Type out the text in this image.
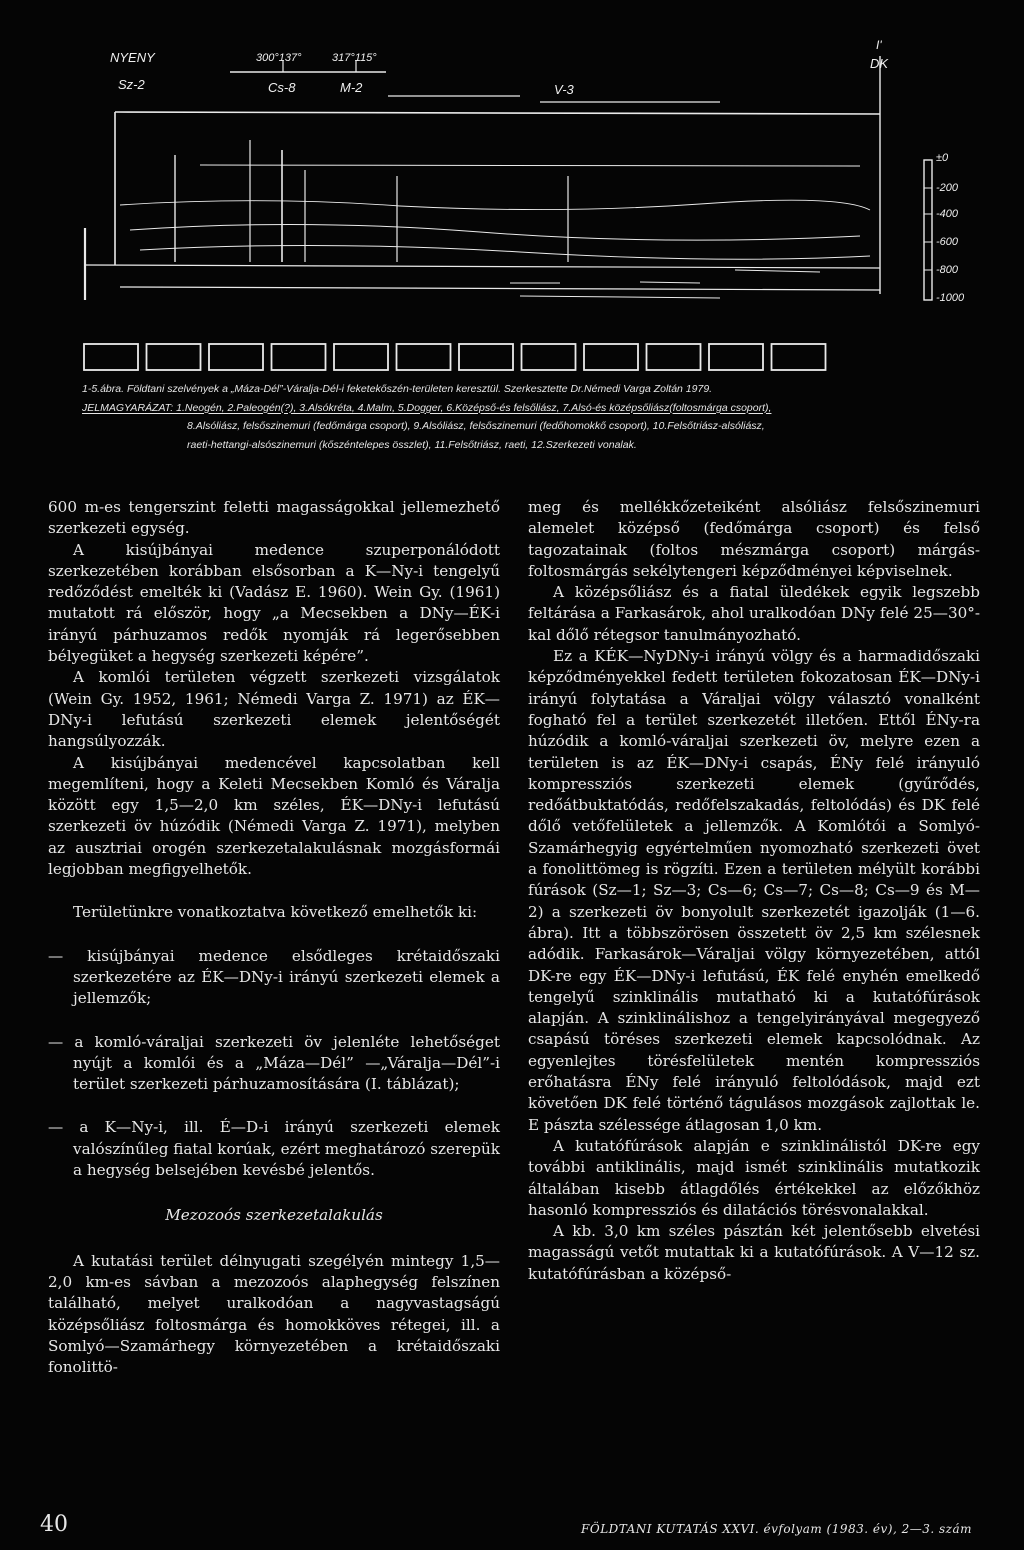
NYENY	300°137°	317°115°
I'
DK
Sz-2	Cs-8	M-2	V-3
±0
-200
-400
-600
-800
-1000

1-5.ábra. Földtani szelvények a „Máza-Dél”-Váralja-Dél-i feketekőszén-területen keresztül. Szerkesztette Dr.Némedi Varga Zoltán 1979.

JELMAGYARÁZAT: 1.Neogén, 2.Paleogén(?), 3.Alsókréta, 4.Malm, 5.Dogger, 6.Középső-és felsőliász, 7.Alsó-és középsőliász(foltosmárga csoport),

8.Alsóliász, felsőszinemuri (fedőmárga csoport), 9.Alsóliász, felsőszinemuri (fedőhomokkő csoport), 10.Felsőtriász-alsóliász,

raeti-hettangi-alsószinemuri (kőszéntelepes összlet), 11.Felsőtriász, raeti, 12.Szerkezeti vonalak.

600 m-es tengerszint feletti magasságokkal jellemezhető szerkezeti egység.

A kisújbányai medence szuperponálódott szerkezetében korábban elsősorban a K—Ny-i tengelyű redőződést emelték ki (Vadász E. 1960). Wein Gy. (1961) mutatott rá először, hogy „a Mecsekben a DNy—ÉK-i irányú párhuzamos redők nyomják rá legerősebben bélyegüket a hegység szerkezeti képére”.

A komlói területen végzett szerkezeti vizsgálatok (Wein Gy. 1952, 1961; Némedi Varga Z. 1971) az ÉK—DNy-i lefutású szerkezeti elemek jelentőségét hangsúlyozzák.

A kisújbányai medencével kapcsolatban kell megemlíteni, hogy a Keleti Mecsekben Komló és Váralja között egy 1,5—2,0 km széles, ÉK—DNy-i lefutású szerkezeti öv húzódik (Némedi Varga Z. 1971), melyben az ausztriai orogén szerkezetalakulásnak mozgásformái legjobban megfigyelhetők.

Területünkre vonatkoztatva következő emelhetők ki:

— kisújbányai medence elsődleges krétaidőszaki szerkezetére az ÉK—DNy-i irányú szerkezeti elemek a jellemzők;

— a komló-váraljai szerkezeti öv jelenléte lehetőséget nyújt a komlói és a „Máza—Dél” —„Váralja—Dél”-i terület szerkezeti párhuzamosítására (I. táblázat);

— a K—Ny-i, ill. É—D-i irányú szerkezeti elemek valószínűleg fiatal korúak, ezért meghatározó szerepük a hegység belsejében kevésbé jelentős.

Mezozoós szerkezetalakulás

A kutatási terület délnyugati szegélyén mintegy 1,5—2,0 km-es sávban a mezozoós alaphegység felszínen található, melyet uralkodóan a nagyvastagságú középsőliász foltosmárga és homokköves rétegei, ill. a Somlyó—Szamárhegy környezetében a krétaidőszaki fonolittö-

meg és mellékkőzeteiként alsóliász felsőszinemuri alemelet középső (fedőmárga csoport) és felső tagozatainak (foltos mészmárga csoport) márgás-foltosmárgás sekélytengeri képződményei képviselnek.

A középsőliász és a fiatal üledékek egyik legszebb feltárása a Farkasárok, ahol uralkodóan DNy felé 25—30°-kal dőlő rétegsor tanulmányozható.

Ez a KÉK—NyDNy-i irányú völgy és a harmadidőszaki képződményekkel fedett területen fokozatosan ÉK—DNy-i irányú folytatása a Váraljai völgy választó vonalként fogható fel a terület szerkezetét illetően. Ettől ÉNy-ra húzódik a komló-váraljai szerkezeti öv, melyre ezen a területen is az ÉK—DNy-i csapás, ÉNy felé irányuló kompressziós szerkezeti elemek (gyűrődés, redőátbuktatódás, redőfelszakadás, feltolódás) és DK felé dőlő vetőfelületek a jellemzők. A Komlótói a Somlyó-Szamárhegyig egyértelműen nyomozható szerkezeti övet a fonolittömeg is rögzíti. Ezen a területen mélyült korábbi fúrások (Sz—1; Sz—3; Cs—6; Cs—7; Cs—8; Cs—9 és M—2) a szerkezeti öv bonyolult szerkezetét igazolják (1—6. ábra). Itt a többszörösen összetett öv 2,5 km szélesnek adódik. Farkasárok—Váraljai völgy környezetében, attól DK-re egy ÉK—DNy-i lefutású, ÉK felé enyhén emelkedő tengelyű szinklinális mutatható ki a kutatófúrások alapján. A szinklinálishoz a tengelyirányával megegyező csapású töréses szerkezeti elemek kapcsolódnak. Az egyenlejtes törésfelületek mentén kompressziós erőhatásra ÉNy felé irányuló feltolódások, majd ezt követően DK felé történő tágulásos mozgások zajlottak le. E pászta szélessége átlagosan 1,0 km.

A kutatófúrások alapján e szinklinálistól DK-re egy további antiklinális, majd ismét szinklinális mutatkozik általában kisebb átlagdőlés értékekkel az előzőkhöz hasonló kompressziós és dilatációs törésvonalakkal.

A kb. 3,0 km széles pásztán két jelentősebb elvetési magasságú vetőt mutattak ki a kutatófúrások. A V—12 sz. kutatófúrásban a középső-

40	FÖLDTANI KUTATÁS XXVI. évfolyam (1983. év), 2—3. szám
